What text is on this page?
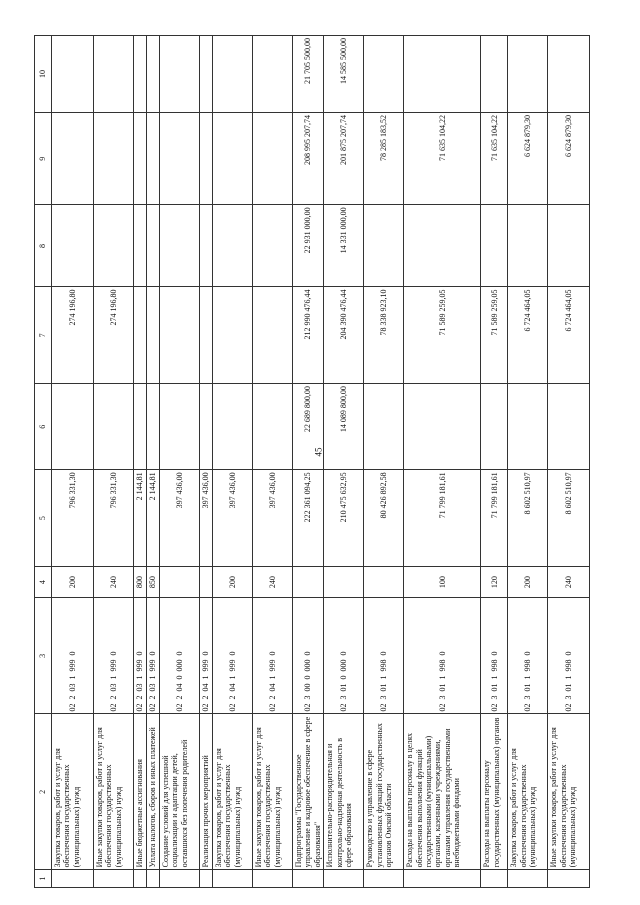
45
1	2	3	4	5	6	7	8	9	10
	Закупка товаров, работ и услуг для обеспечения государственных (муниципальных) нужд	02  2  03  1  999  0	200	796 331,30		274 196,80			
	Иные закупки товаров, работ и услуг для обеспечения государственных (муниципальных) нужд	02  2  03  1  999  0	240	796 331,30		274 196,80			
	Иные бюджетные ассигнования	02  2  03  1  999  0	800	2 144,81					
	Уплата налогов, сборов и иных платежей	02  2  03  1  999  0	850	2 144,81					
	Создание условий для успешной социализации и адаптации детей, оставшихся без попечения родителей	02  2  04  0  000  0		397 436,00					
	Реализация прочих мероприятий	02  2  04  1  999  0		397 436,00					
	Закупка товаров, работ и услуг для обеспечения государственных (муниципальных) нужд	02  2  04  1  999  0	200	397 436,00					
	Иные закупки товаров, работ и услуг для обеспечения государственных (муниципальных) нужд	02  2  04  1  999  0	240	397 436,00					
	Подпрограмма "Государственное управление и кадровое обеспечение в сфере образования"	02  3  00  0  000  0		222 361 094,25	22 689 800,00	212 990 476,44	22 931 000,00	208 995 207,74	21 705 500,00
	Исполнительно-распорядительная и контрольно-надзорная деятельность в сфере образования	02  3  01  0  000  0		210 475 632,95	14 089 800,00	204 390 476,44	14 331 000,00	201 875 207,74	14 585 500,00
	Руководство и управление в сфере установленных функций государственных органов Омской области	02  3  01  1  998  0		80 426 892,58		78 338 923,10		78 285 183,52	
	Расходы на выплаты персоналу в целях обеспечения выполнения функций государственными (муниципальными) органами, казенными учреждениями, органами управления государственными внебюджетными фондами	02  3  01  1  998  0	100	71 799 181,61		71 589 259,05		71 635 104,22	
	Расходы на выплаты персоналу государственных (муниципальных) органов	02  3  01  1  998  0	120	71 799 181,61		71 589 259,05		71 635 104,22	
	Закупка товаров, работ и услуг для обеспечения государственных (муниципальных) нужд	02  3  01  1  998  0	200	8 602 510,97		6 724 464,05		6 624 879,30	
	Иные закупки товаров, работ и услуг для обеспечения государственных (муниципальных) нужд	02  3  01  1  998  0	240	8 602 510,97		6 724 464,05		6 624 879,30	
